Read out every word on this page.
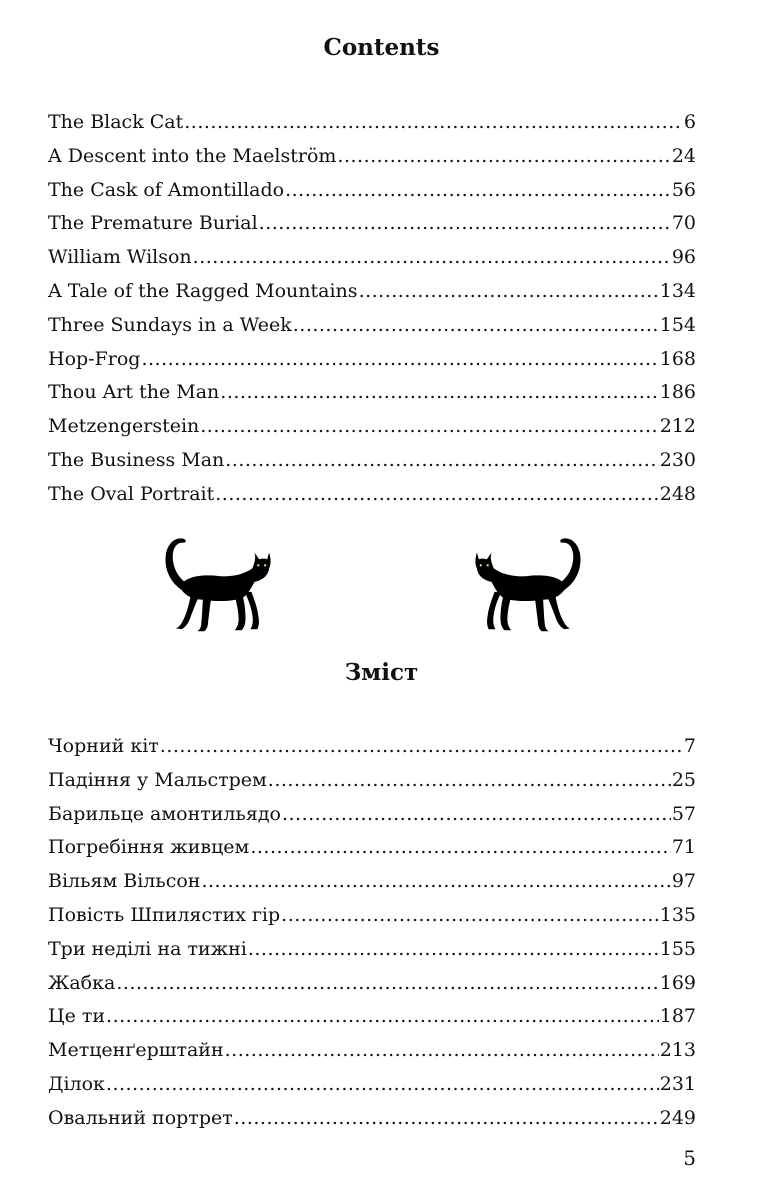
Contents
The Black Cat .....	6
A Descent into the Maelström .....	24
The Cask of Amontillado .....	56
The Premature Burial .....	70
William Wilson .....	96
A Tale of the Ragged Mountains .....	134
Three Sundays in a Week .....	154
Hop-Frog .....	168
Thou Art the Man .....	186
Metzengerstein .....	212
The Business Man .....	230
The Oval Portrait .....	248
Зміст
Чорний кіт .....	7
Падіння у Мальстрем .....	25
Барильце амонтильядо .....	57
Погребіння живцем .....	71
Вільям Вільсон .....	97
Повість Шпилястих гір .....	135
Три неділі на тижні .....	155
Жабка .....	169
Це ти .....	187
Метценґерштайн .....	213
Ділок .....	231
Овальний портрет .....	249
5
